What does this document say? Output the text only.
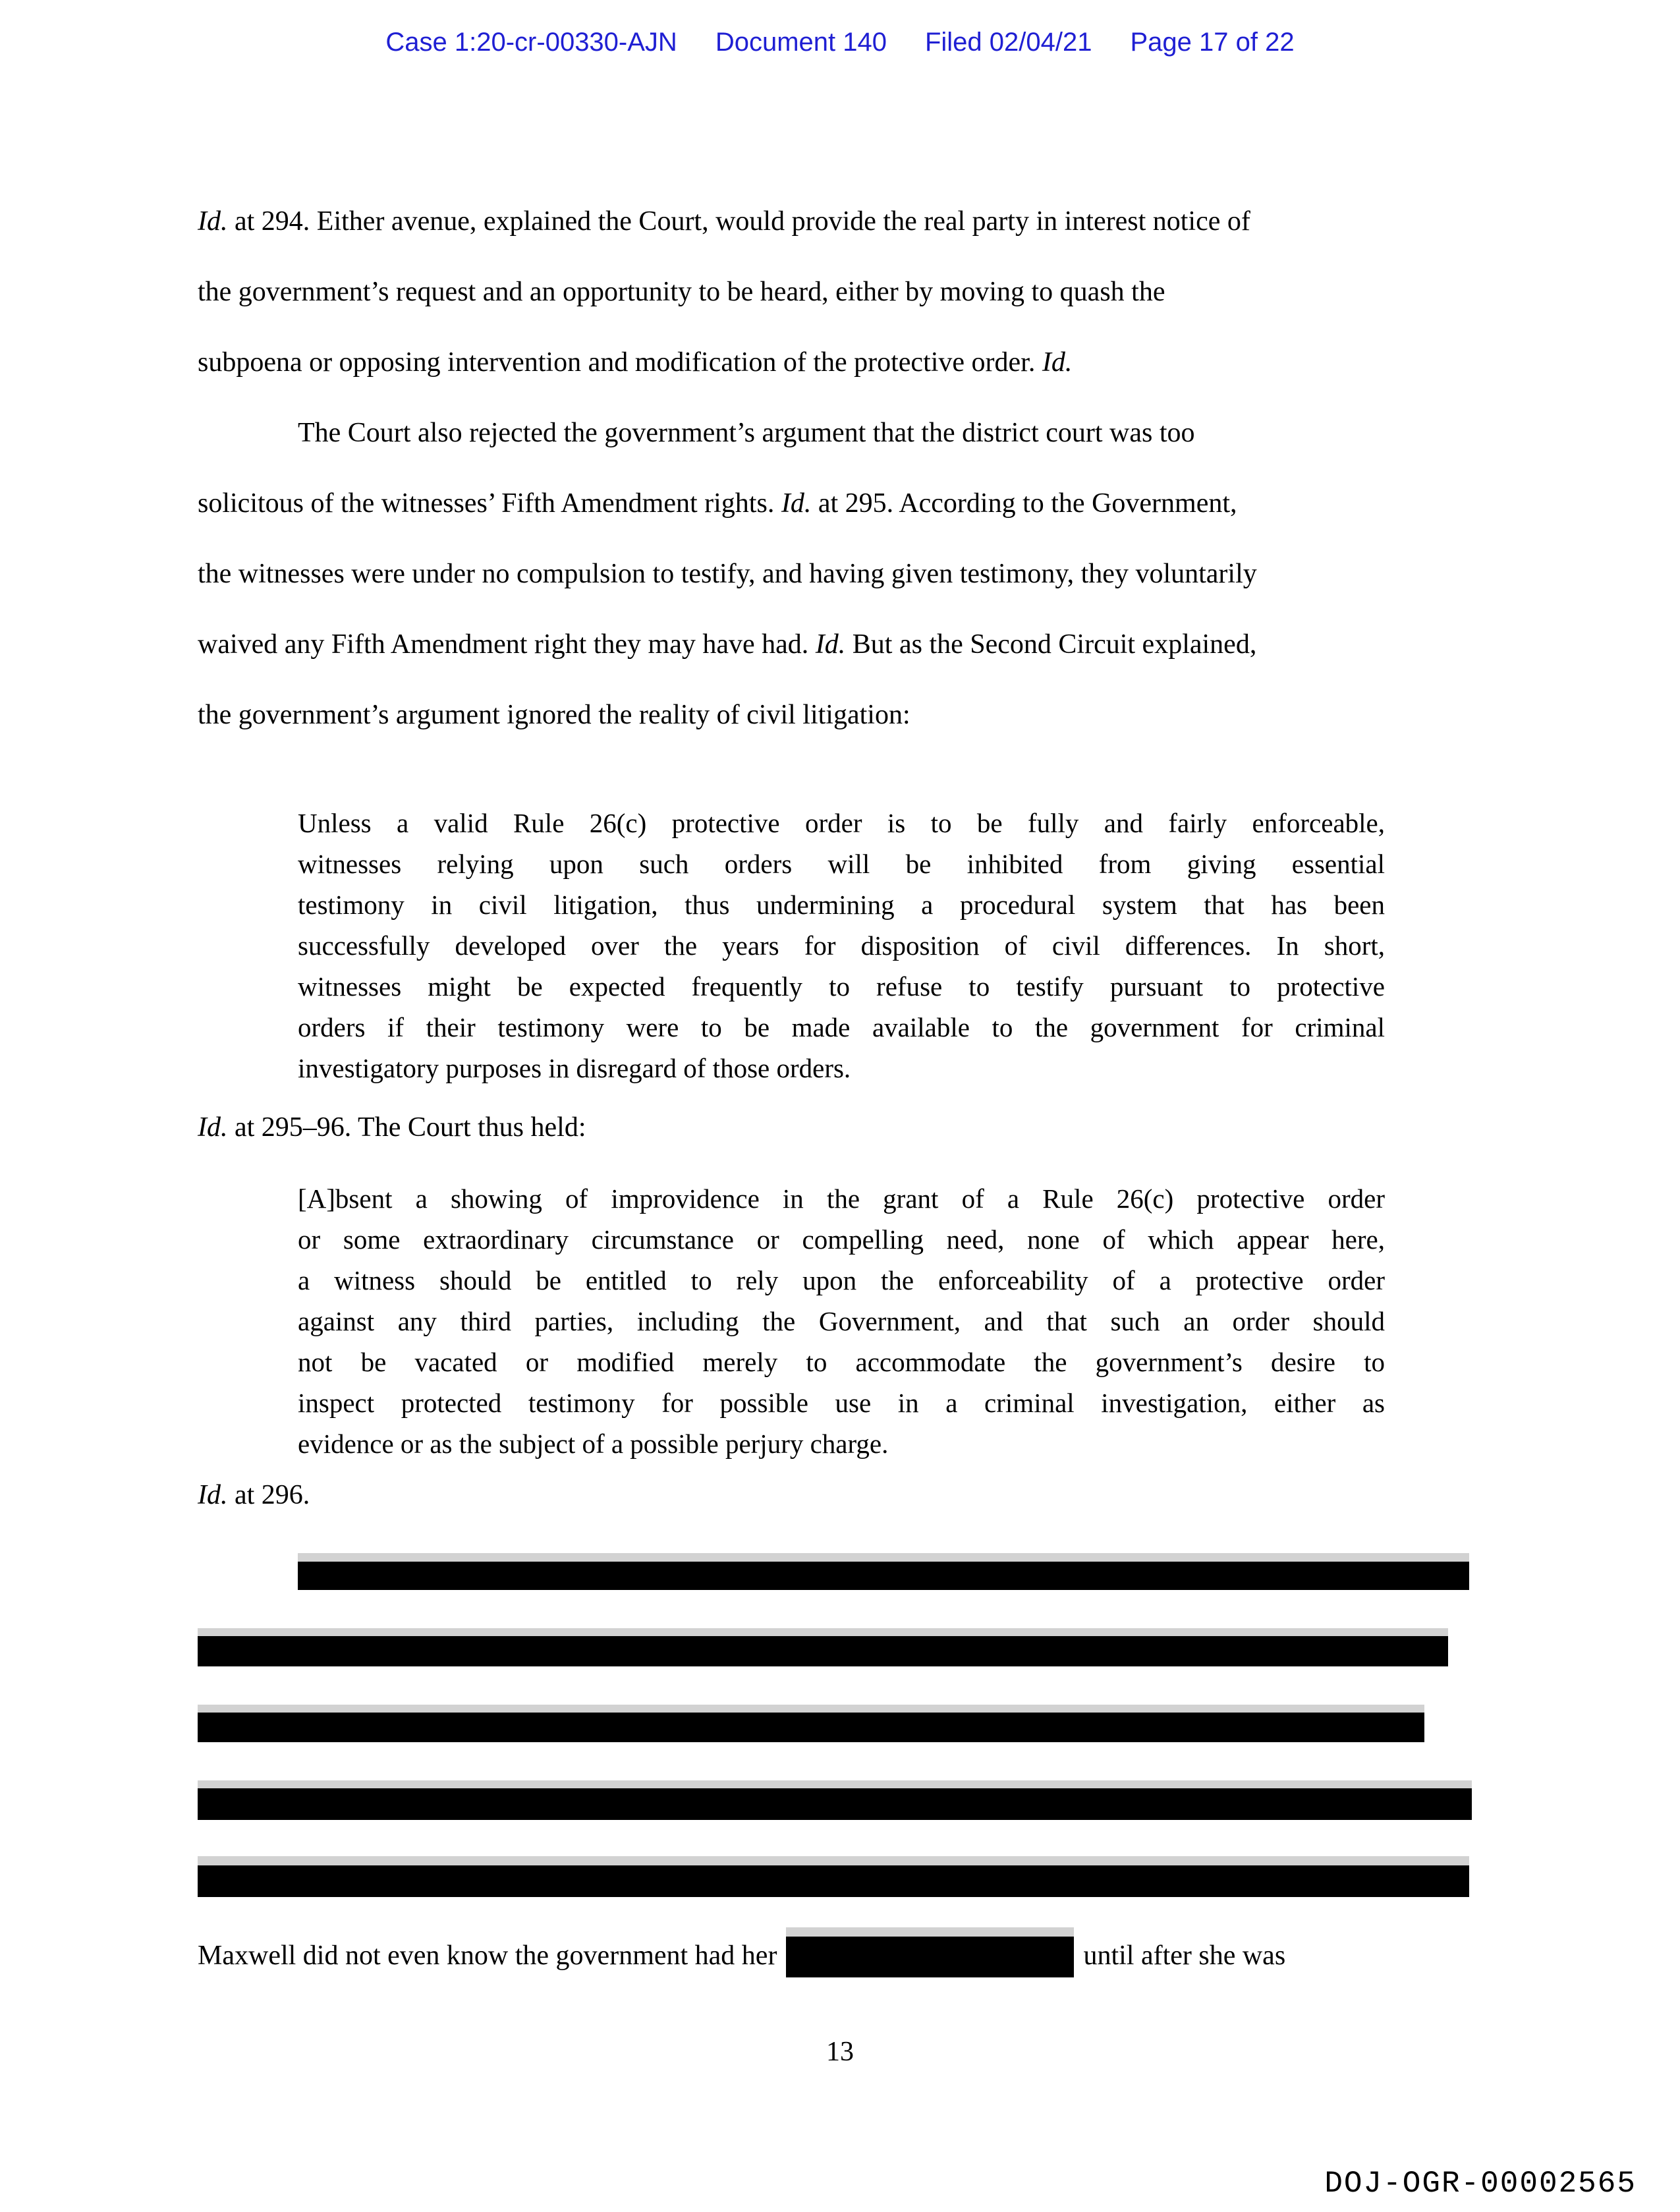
Case 1:20-cr-00330-AJN Document 140 Filed 02/04/21 Page 17 of 22
Id. at 294. Either avenue, explained the Court, would provide the real party in interest notice of
the government’s request and an opportunity to be heard, either by moving to quash the
subpoena or opposing intervention and modification of the protective order. Id.
The Court also rejected the government’s argument that the district court was too
solicitous of the witnesses’ Fifth Amendment rights. Id. at 295. According to the Government,
the witnesses were under no compulsion to testify, and having given testimony, they voluntarily
waived any Fifth Amendment right they may have had. Id. But as the Second Circuit explained,
the government’s argument ignored the reality of civil litigation:
Unless a valid Rule 26(c) protective order is to be fully and fairly enforceable,
witnesses relying upon such orders will be inhibited from giving essential
testimony in civil litigation, thus undermining a procedural system that has been
successfully developed over the years for disposition of civil differences. In short,
witnesses might be expected frequently to refuse to testify pursuant to protective
orders if their testimony were to be made available to the government for criminal
investigatory purposes in disregard of those orders.
Id. at 295–96. The Court thus held:
[A]bsent a showing of improvidence in the grant of a Rule 26(c) protective order
or some extraordinary circumstance or compelling need, none of which appear here,
a witness should be entitled to rely upon the enforceability of a protective order
against any third parties, including the Government, and that such an order should
not be vacated or modified merely to accommodate the government’s desire to
inspect protected testimony for possible use in a criminal investigation, either as
evidence or as the subject of a possible perjury charge.
Id. at 296.
Maxwell did not even know the government had her	until after she was
13
DOJ-OGR-00002565
